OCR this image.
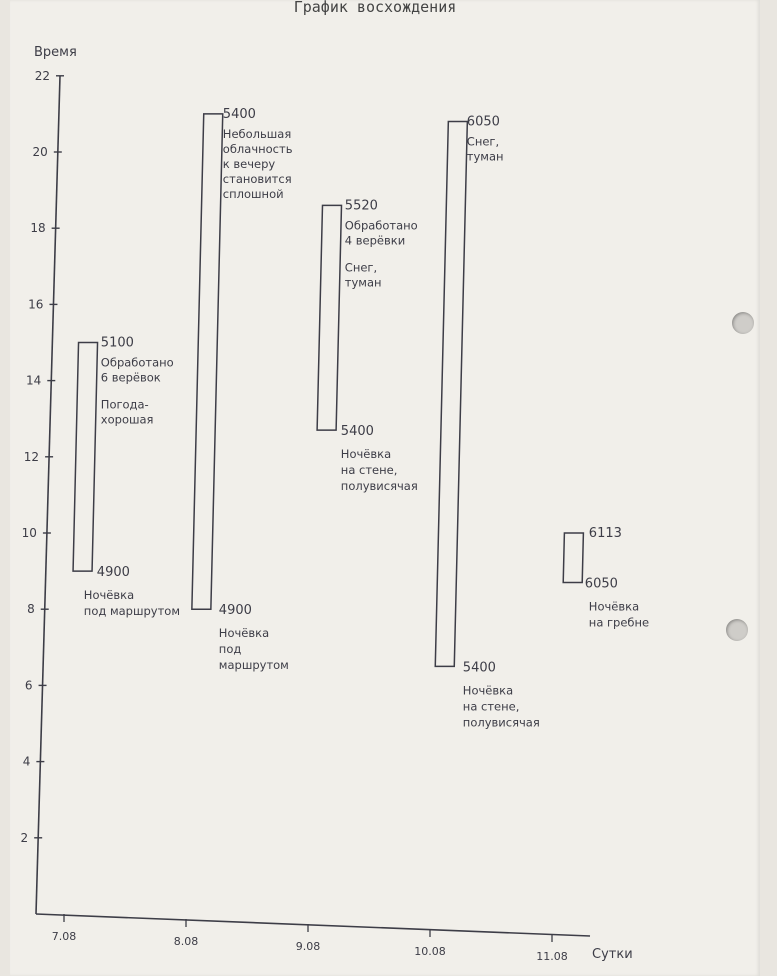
График восхождения
Время
Сутки
2
4
6
8
10
12
14
16
18
20
22
7.08	8.08	9.08	10.08	11.08
5100
4900
Обработано
6 верёвок
Погода-
хорошая
Ночёвка
под маршрутом
5400
4900
Небольшая
облачность
к вечеру
становится
сплошной
Ночёвка
под
маршрутом
5520
5400
Обработано
4 верёвки
Снег,
туман
Ночёвка
на стене,
полувисячая
6050
5400
Снег,
туман
Ночёвка
на стене,
полувисячая
6113
6050
Ночёвка
на гребне
